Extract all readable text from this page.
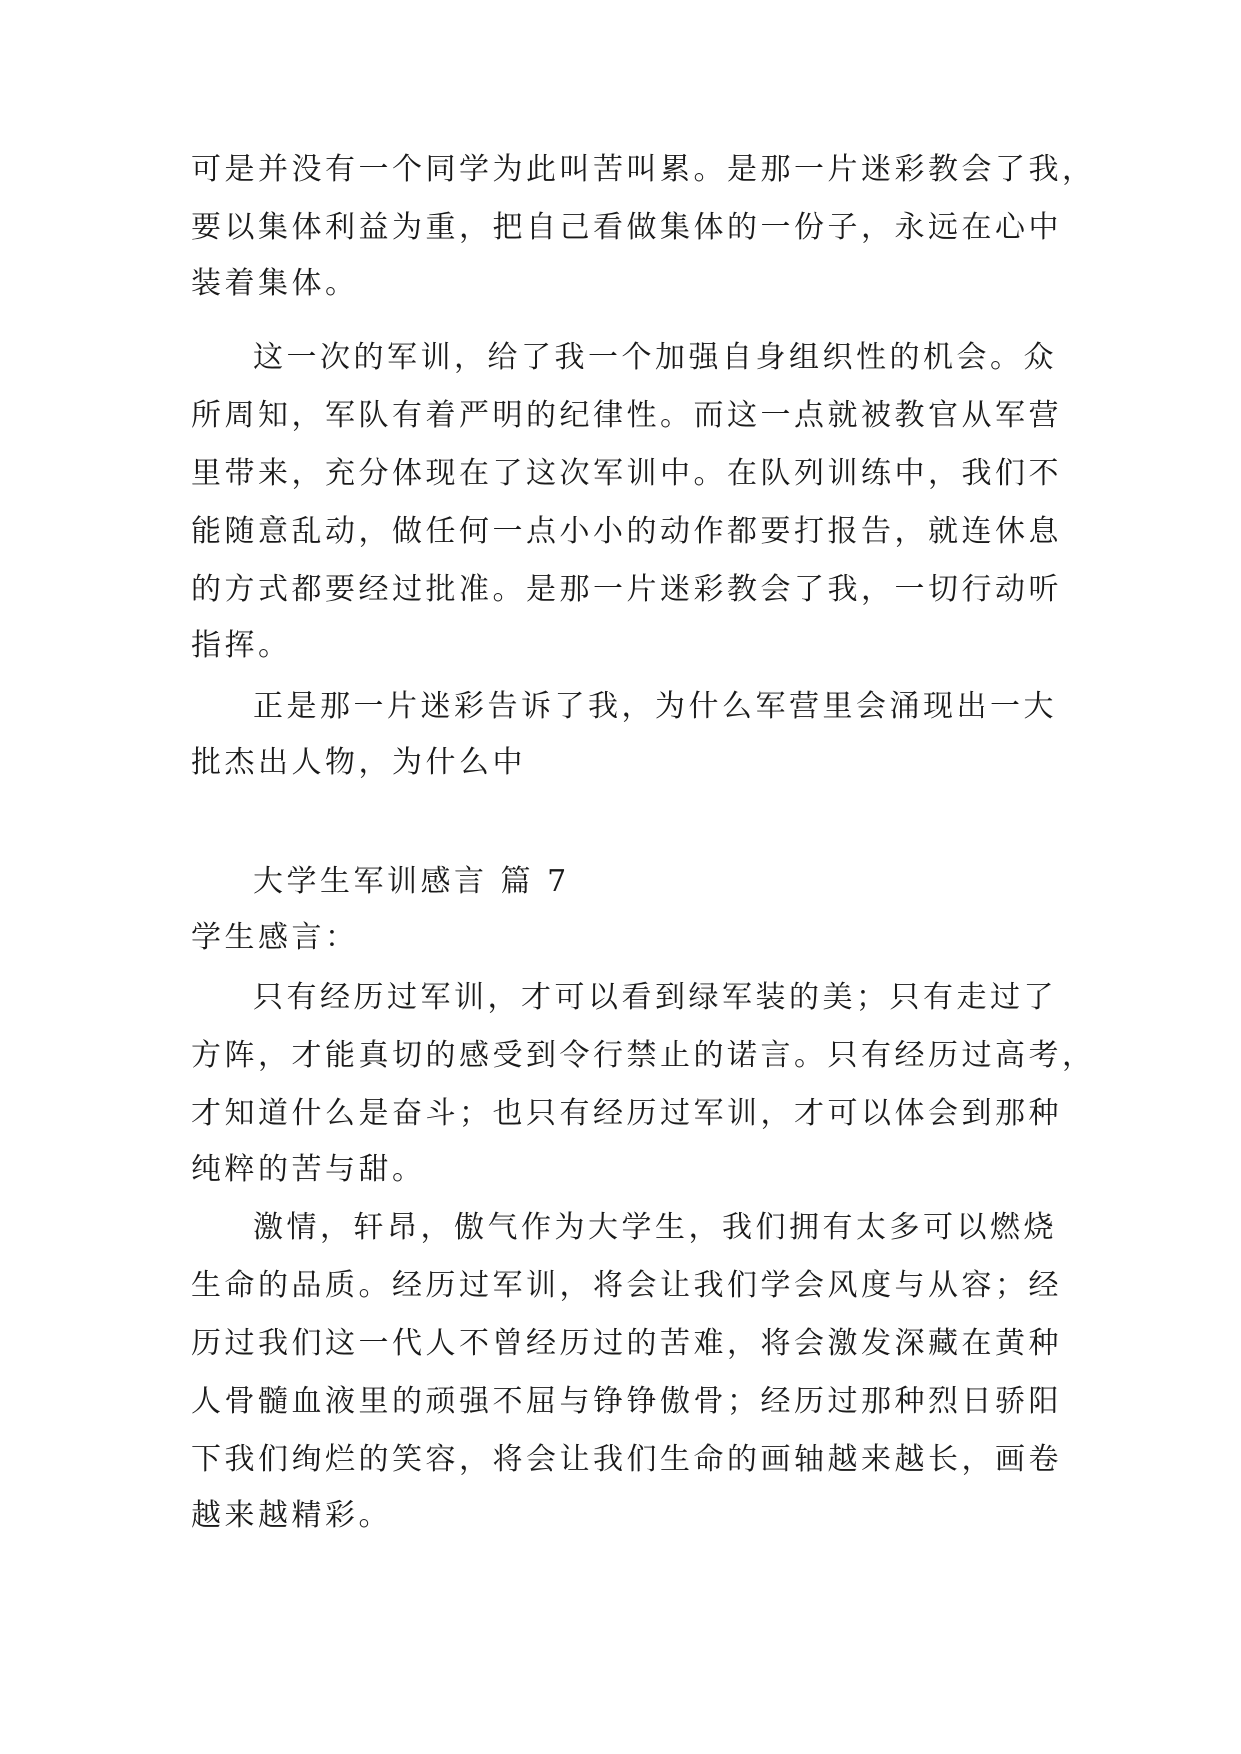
可是并没有一个同学为此叫苦叫累。是那一片迷彩教会了我，
要以集体利益为重，把自己看做集体的一份子，永远在心中
装着集体。
这一次的军训，给了我一个加强自身组织性的机会。众
所周知，军队有着严明的纪律性。而这一点就被教官从军营
里带来，充分体现在了这次军训中。在队列训练中，我们不
能随意乱动，做任何一点小小的动作都要打报告，就连休息
的方式都要经过批准。是那一片迷彩教会了我，一切行动听
指挥。
正是那一片迷彩告诉了我，为什么军营里会涌现出一大
批杰出人物，为什么中
大学生军训感言 篇 7
学生感言：
只有经历过军训，才可以看到绿军装的美；只有走过了
方阵，才能真切的感受到令行禁止的诺言。只有经历过高考，
才知道什么是奋斗；也只有经历过军训，才可以体会到那种
纯粹的苦与甜。
激情，轩昂，傲气作为大学生，我们拥有太多可以燃烧
生命的品质。经历过军训，将会让我们学会风度与从容；经
历过我们这一代人不曾经历过的苦难，将会激发深藏在黄种
人骨髓血液里的顽强不屈与铮铮傲骨；经历过那种烈日骄阳
下我们绚烂的笑容，将会让我们生命的画轴越来越长，画卷
越来越精彩。
